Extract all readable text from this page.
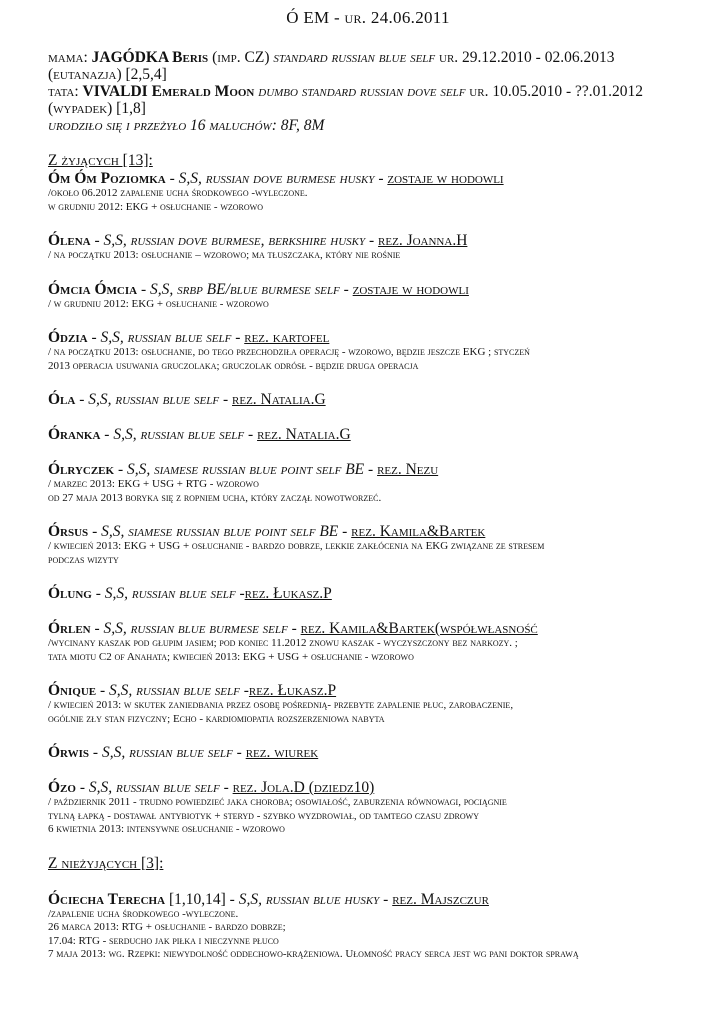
Ó EM - ur. 24.06.2011
mama: JAGÓDKA Beris (imp. CZ) standard russian blue self ur. 29.12.2010 - 02.06.2013 (eutanazja) [2,5,4]
tata: VIVALDI Emerald Moon dumbo standard russian dove self ur. 10.05.2010 - ??.01.2012 (wypadek) [1,8]
urodziło się i przeżyło 16 maluchów: 8F, 8M
Z żyjących [13]:
Óm Óm Poziomka - S,S, russian dove burmese husky - zostaje w hodowli
/około 06.2012 zapalenie ucha środkowego -wyleczone.
w grudniu 2012: EKG + osłuchanie - wzorowo
Ólena - S,S, russian dove burmese, berkshire husky - rez. Joanna.H
/ na początku 2013: osłuchanie – wzorowo; ma tłuszczaka, który nie rośnie
Ómcia Ómcia - S,S, srbp BE/blue burmese self - zostaje w hodowli
/ w grudniu 2012: EKG + osłuchanie - wzorowo
Ódzia - S,S, russian blue self - rez. kartofel
/ na początku 2013: osłuchanie, do tego przechodziła operację - wzorowo, będzie jeszcze EKG ; styczeń
2013 operacja usuwania gruczolaka; gruczolak odrósł - będzie druga operacja
Óla - S,S, russian blue self - rez. Natalia.G
Óranka - S,S, russian blue self - rez. Natalia.G
Ólryczek - S,S, siamese russian blue point self BE - rez. Nezu
/ marzec 2013: EKG + USG + RTG - wzorowo
od 27 maja 2013 boryka się z ropniem ucha, który zaczął nowotworzeć.
Órsus - S,S, siamese russian blue point self BE - rez. Kamila&Bartek
/ kwiecień 2013: EKG + USG + osłuchanie - bardzo dobrze, lekkie zakłócenia na EKG związane ze stresem
podczas wizyty
Ólung - S,S, russian blue self -rez. Łukasz.P
Órlen - S,S, russian blue burmese self - rez. Kamila&Bartek(współwłasność
/wycinany kaszak pod głupim jasiem; pod koniec 11.2012 znowu kaszak - wyczyszczony bez narkozy. ;
tata miotu C2 of Anahata; kwiecień 2013: EKG + USG + osłuchanie - wzorowo
Ónique - S,S, russian blue self -rez. Łukasz.P
/ kwiecień 2013: w skutek zaniedbania przez osobę pośrednią- przebyte zapalenie płuc, zarobaczenie,
ogólnie zły stan fizyczny; Echo - kardiomiopatia rozszerzeniowa nabyta
Órwis - S,S, russian blue self - rez. wiurek
Ózo - S,S, russian blue self - rez. Jola.D (dziedz10)
/ październik 2011 - trudno powiedzieć jaka choroba; osowiałość, zaburzenia równowagi, pociągnie
tylną łapką - dostawał antybiotyk + steryd - szybko wyzdrowiał, od tamtego czasu zdrowy
6 kwietnia 2013: intensywne osłuchanie - wzorowo
Z nieżyjących [3]:
Óciecha Terecha [1,10,14] - S,S, russian blue husky - rez. Majszczur
/zapalenie ucha środkowego -wyleczone.
26 marca 2013: RTG + osłuchanie - bardzo dobrze;
17.04: RTG - serducho jak piłka i nieczynne płuco
7 maja 2013: wg. Rzepki: niewydolność oddechowo-krążeniowa. Ułomność pracy serca jest wg pani doktor sprawą
